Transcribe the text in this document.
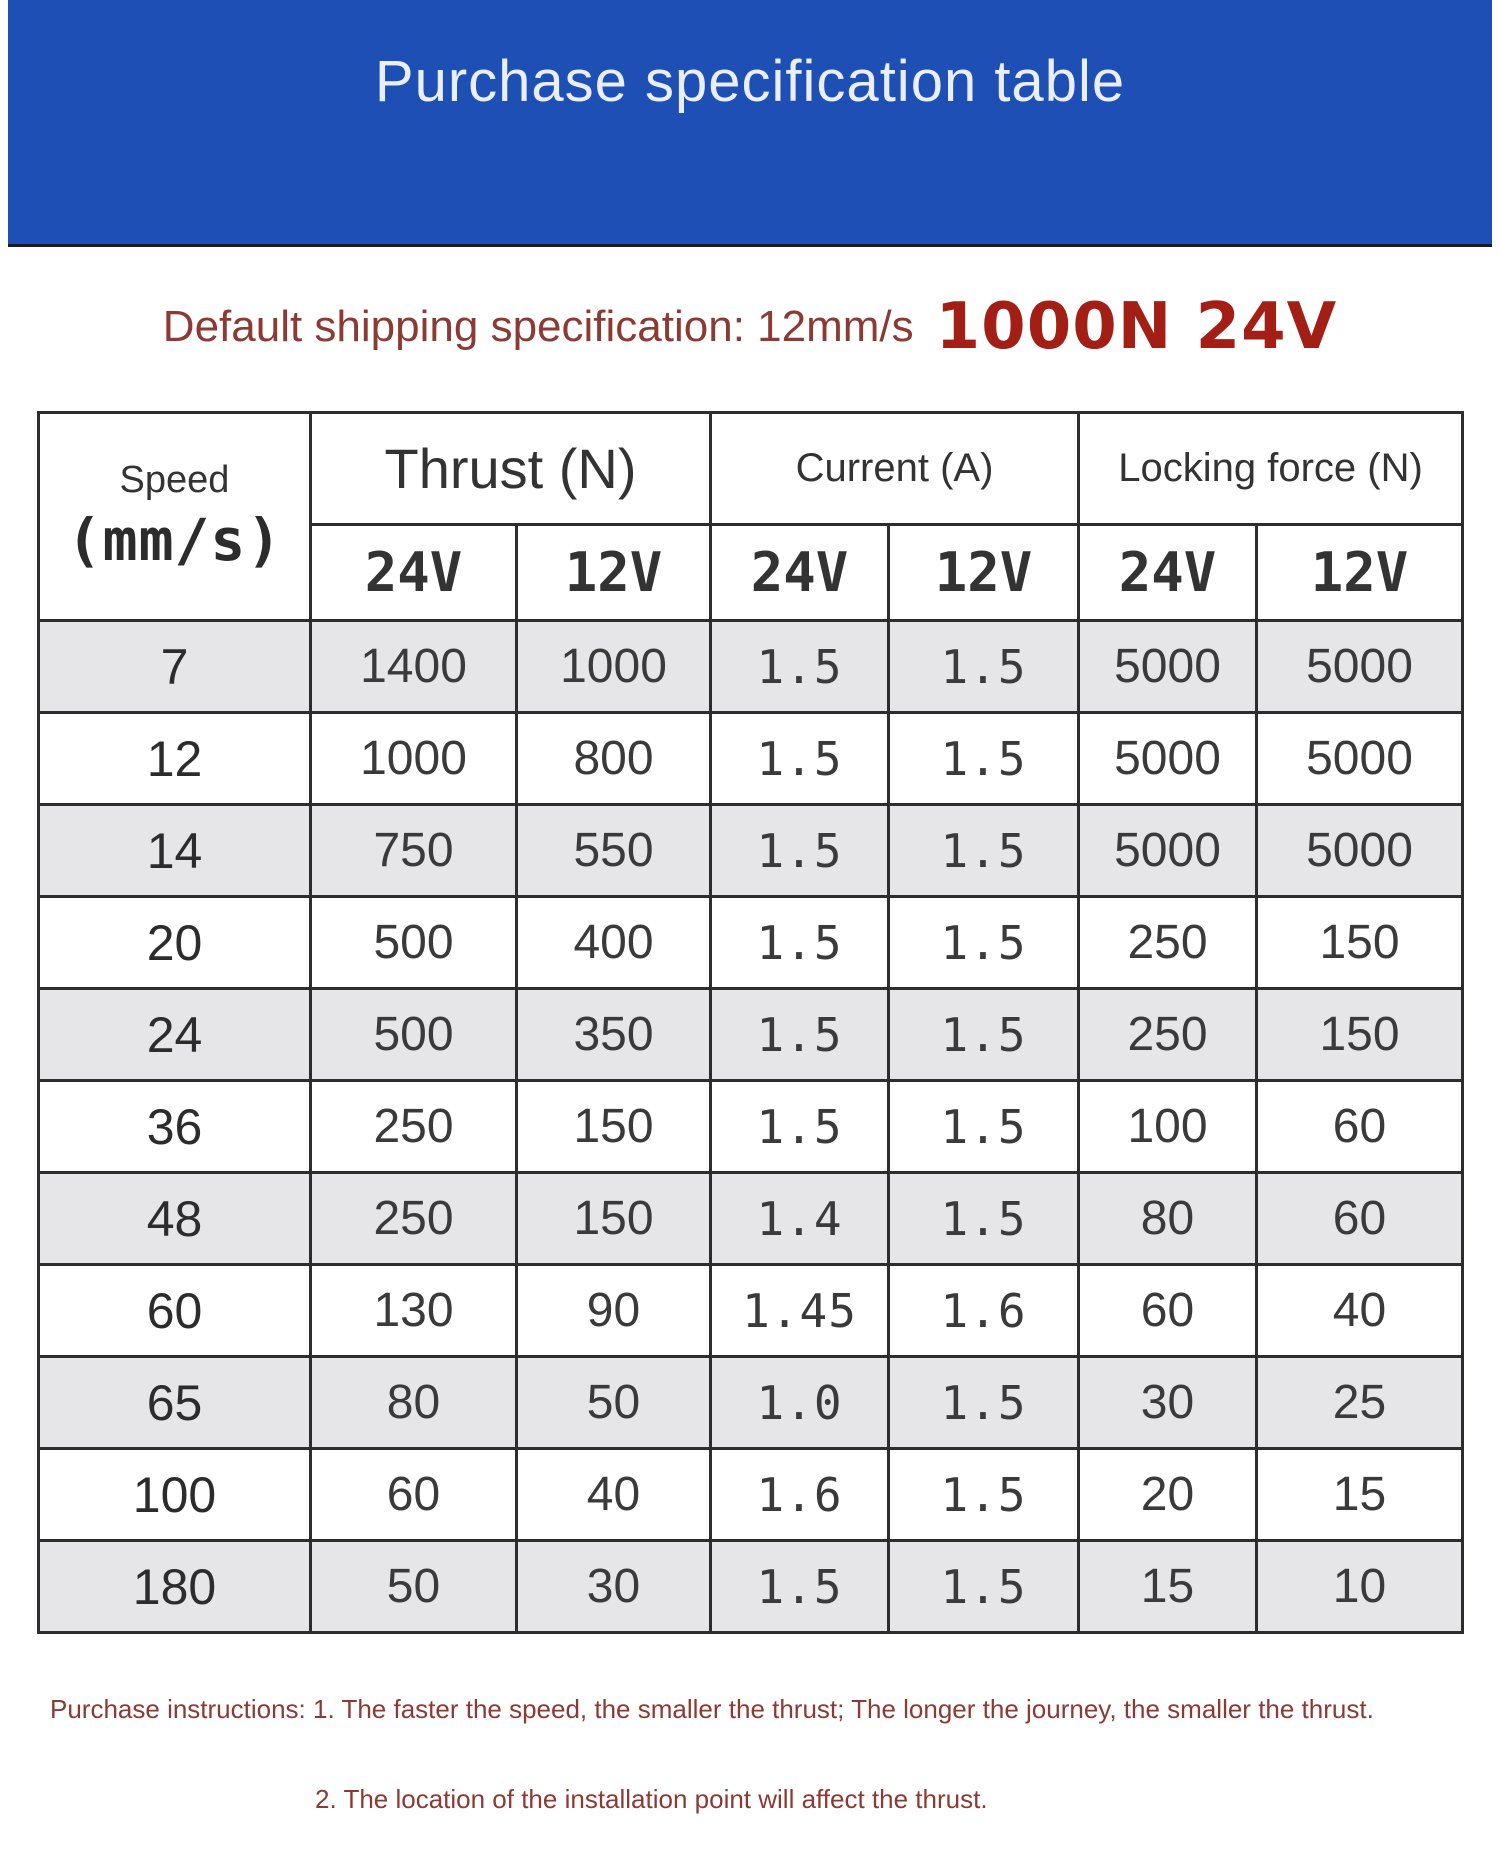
Purchase specification table
Default shipping specification: 12mm/s 1000N 24V
Speed
(mm/s)	Thrust (N)		Current (A)		Locking force (N)	
	24V	12V	24V	12V	24V	12V
7	1400	1000	1.5	1.5	5000	5000
12	1000	800	1.5	1.5	5000	5000
14	750	550	1.5	1.5	5000	5000
20	500	400	1.5	1.5	250	150
24	500	350	1.5	1.5	250	150
36	250	150	1.5	1.5	100	60
48	250	150	1.4	1.5	80	60
60	130	90	1.45	1.6	60	40
65	80	50	1.0	1.5	30	25
100	60	40	1.6	1.5	20	15
180	50	30	1.5	1.5	15	10
Purchase instructions: 1. The faster the speed, the smaller the thrust; The longer the journey, the smaller the thrust.
2. The location of the installation point will affect the thrust.
